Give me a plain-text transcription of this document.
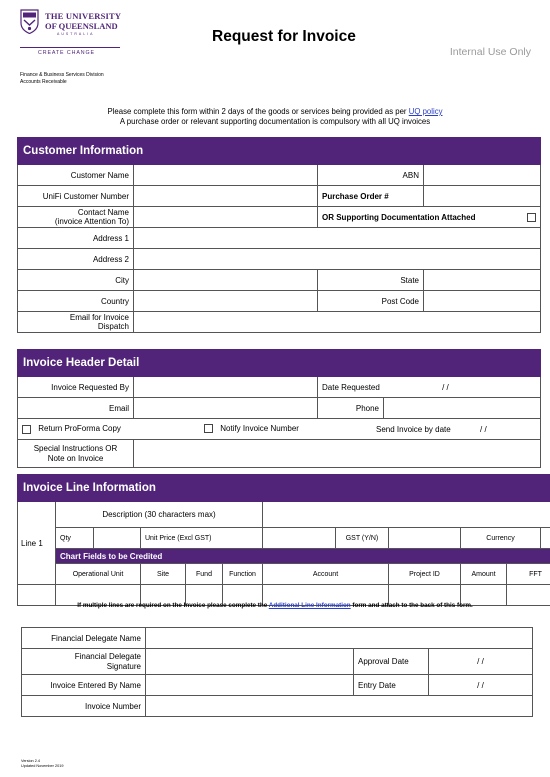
THE UNIVERSITY
OF QUEENSLAND
AUSTRALIA
CREATE CHANGE
Request for Invoice
Internal Use Only
Finance & Business Services Division
Accounts Receivable
Please complete this form within 2 days of the goods or services being provided as per UQ policy
A purchase order or relevant supporting documentation is compulsory with all UQ invoices
Customer Information			
Customer Name		ABN	
UniFi Customer Number		Purchase Order #	

Contact Name
(invoice Attention To)		OR Supporting Documentation Attached	

Address 1			
Address 2			
City		State	
Country		Post Code	

Email for Invoice
Dispatch			

Invoice Header Detail			
Invoice Requested By		Date Requested / /	
Email		Phone	
Return ProForma Copy Notify Invoice Number Send Invoice by date / /			

Special Instructions OR
Note on Invoice			

Invoice Line Information											
Line 1	Description (30 characters max)										
	Qty		Unit Price (Excl GST)				GST (Y/N)		Currency		
	Chart Fields to be Credited										
	Operational Unit		Site	Fund	Function	Account		Project ID	Amount	FFT	

If multiple lines are required on the Invoice please complete the Additional Line Information form and attach to the back of this form.
Financial Delegate Name			

Financial Delegate
Signature		Approval Date	/ /
Invoice Entered By Name		Entry Date	/ /
Invoice Number			
Version 2.4
Updated November 2019
